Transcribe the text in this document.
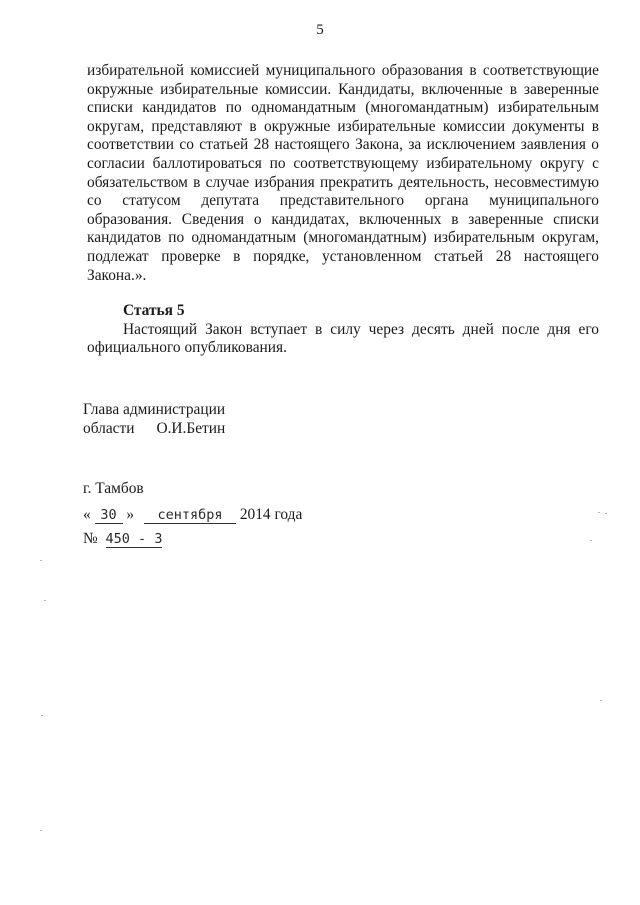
5

избирательной комиссией муниципального образования в соответствующие окружные избирательные комиссии. Кандидаты, включенные в заверенные списки кандидатов по одномандатным (многомандатным) избирательным округам, представляют в окружные избирательные комиссии документы в соответствии со статьей 28 настоящего Закона, за исключением заявления о согласии баллотироваться по соответствующему избирательному округу с обязательством в случае избрания прекратить деятельность, несовместимую со статусом депутата представительного органа муниципального образования. Сведения о кандидатах, включенных в заверенные списки кандидатов по одномандатным (многомандатным) избирательным округам, подлежат проверке в порядке, установленном статьей 28 настоящего Закона.».

Статья 5

Настоящий Закон вступает в силу через десять дней после дня его официального опубликования.

Глава администрации
области О.И.Бетин
г. Тамбов
« 30 » сентября 2014 года
№ 450 - 3
